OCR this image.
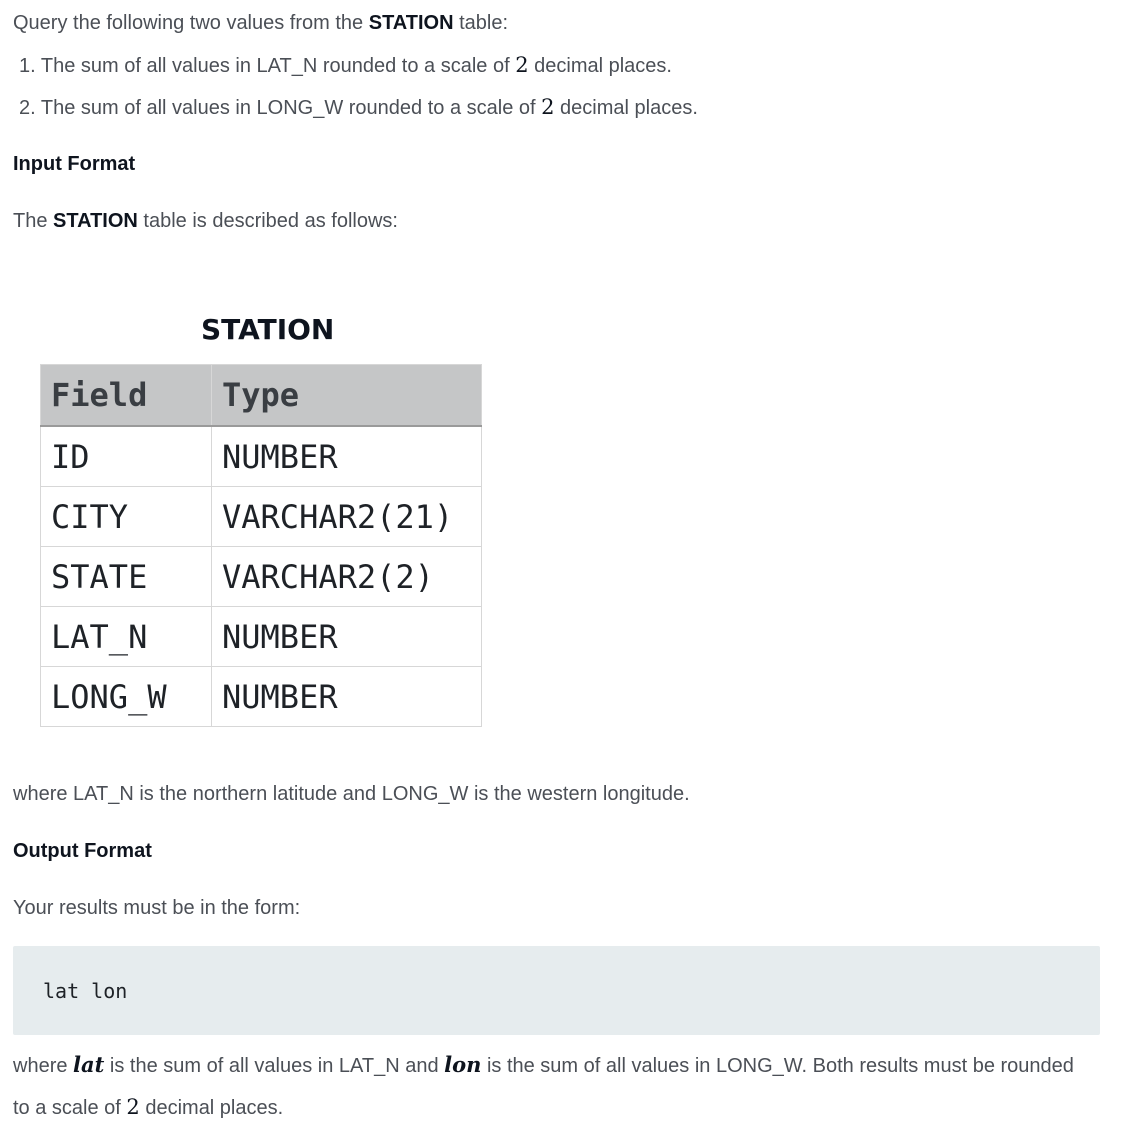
Query the following two values from the STATION table:
1. The sum of all values in LAT_N rounded to a scale of 2 decimal places.
2. The sum of all values in LONG_W rounded to a scale of 2 decimal places.
Input Format
The STATION table is described as follows:
STATION
Field	Type
ID	NUMBER
CITY	VARCHAR2(21)
STATE	VARCHAR2(2)
LAT_N	NUMBER
LONG_W	NUMBER
where LAT_N is the northern latitude and LONG_W is the western longitude.
Output Format
Your results must be in the form:
lat lon
where lat is the sum of all values in LAT_N and lon is the sum of all values in LONG_W. Both results must be rounded
to a scale of 2 decimal places.
